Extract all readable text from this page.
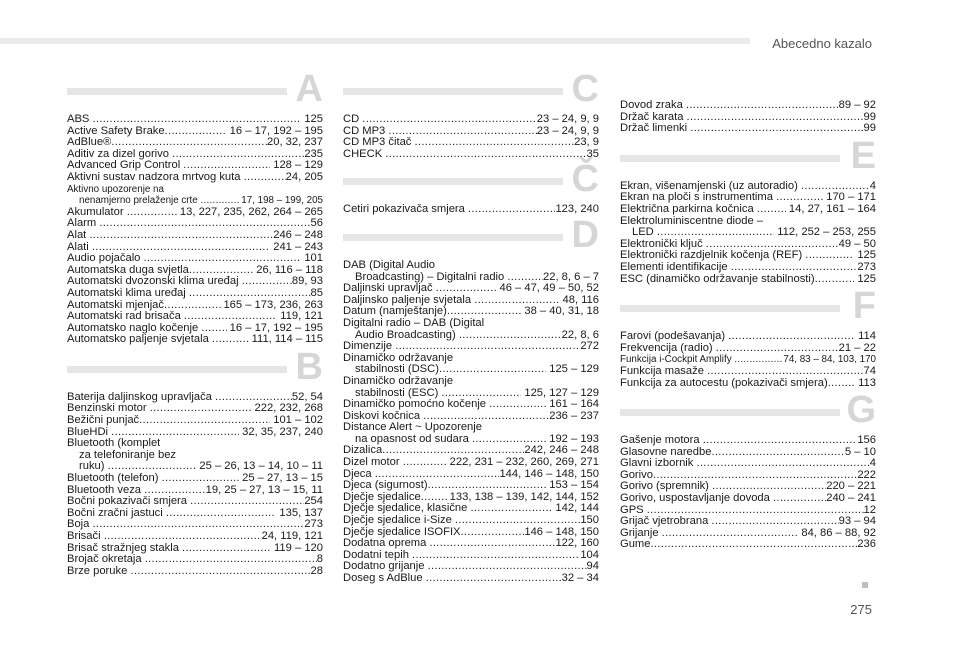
Abecedno kazalo
A
ABS .....	125
Active Safety Brake .....	16 – 17, 192 – 195
AdBlue® .....	20, 32, 237
Aditiv za dizel gorivo .....	235
Advanced Grip Control .....	128 – 129
Aktivni sustav nadzora mrtvog kuta .....	24, 205
Aktivno upozorenje na
nenamjerno prelaženje crte .....	17, 198 – 199, 205
Akumulator .....	13, 227, 235, 262, 264 – 265
Alarm .....	56
Alat .....	246 – 248
Alati .....	241 – 243
Audio pojačalo .....	101
Automatska duga svjetla .....	26, 116 – 118
Automatski dvozonski klima uređaj .....	89, 93
Automatski klima uređaj .....	85
Automatski mjenjač .....	165 – 173, 236, 263
Automatski rad brisača .....	119, 121
Automatsko naglo kočenje ..... 16 – 17, 192 – 195
Automatsko paljenje svjetala .....	111, 114 – 115
B
Baterija daljinskog upravljača .....	52, 54
Benzinski motor .....	222, 232, 268
Bežični punjač .....	101 – 102
BlueHDi .....	32, 35, 237, 240
Bluetooth (komplet
za telefoniranje bez
ruku) .....	25 – 26, 13 – 14, 10 – 11
Bluetooth (telefon) .....	25 – 27, 13 – 15
Bluetooth veza .....	19, 25 – 27, 13 – 15, 11
Bočni pokazivači smjera .....	254
Bočni zračni jastuci .....	135, 137
Boja .....	273
Brisači .....	24, 119, 121
Brisač stražnjeg stakla .....	119 – 120
Brojač okretaja .....	8
Brze poruke .....	28
C
CD .....	23 – 24, 9, 9
CD MP3 .....	23 – 24, 9, 9
CD MP3 čitač .....	23, 9
CHECK .....	35
Č
Četiri pokazivača smjera .....	123, 240
D
DAB (Digital Audio
Broadcasting) – Digitalni radio .....	22, 8, 6 – 7
Daljinski upravljač .....	46 – 47, 49 – 50, 52
Daljinsko paljenje svjetala .....	48, 116
Datum (namještanje) .....	38 – 40, 31, 18
Digitalni radio – DAB (Digital
Audio Broadcasting) .....	22, 8, 6
Dimenzije .....	272
Dinamičko održavanje
stabilnosti (DSC) .....	125 – 129
Dinamičko održavanje
stabilnosti (ESC) .....	125, 127 – 129
Dinamičko pomoćno kočenje .....	161 – 164
Diskovi kočnica .....	236 – 237
Distance Alert ~ Upozorenje
na opasnost od sudara .....	192 – 193
Dizalica .....	242, 246 – 248
Dizel motor .....	222, 231 – 232, 260, 269, 271
Djeca .....	144, 146 – 148, 150
Djeca (sigurnost) .....	153 – 154
Dječje sjedalice ..... 133, 138 – 139, 142, 144, 152
Dječje sjedalice, klasične .....	142, 144
Dječje sjedalice i-Size .....	150
Dječje sjedalice ISOFIX .....	146 – 148, 150
Dodatna oprema .....	122, 160
Dodatni tepih .....	104
Dodatno grijanje .....	94
Doseg s AdBlue .....	32 – 34
Dovod zraka .....	89 – 92
Držač karata .....	99
Držač limenki .....	99
E
Ekran, višenamjenski (uz autoradio) .....	4
Ekran na ploči s instrumentima .....	170 – 171
Električna parkirna kočnica .....	14, 27, 161 – 164
Elektroluminiscentne diode –
LED .....	112, 252 – 253, 255
Elektronički ključ .....	49 – 50
Elektronički razdjelnik kočenja (REF) .....	125
Elementi identifikacije .....	273
ESC (dinamičko održavanje stabilnosti) .....	125
F
Farovi (podešavanja) .....	114
Frekvencija (radio) .....	21 – 22
Funkcija i-Cockpit Amplify .....	74, 83 – 84, 103, 170
Funkcija masaže .....	74
Funkcija za autocestu (pokazivači smjera) ..... 113
G
Gašenje motora .....	156
Glasovne naredbe .....	5 – 10
Glavni izbornik .....	4
Gorivo .....	222
Gorivo (spremnik) .....	220 – 221
Gorivo, uspostavljanje dovoda .....	240 – 241
GPS .....	12
Grijač vjetrobrana .....	93 – 94
Grijanje .....	84, 86 – 88, 92
Gume .....	236
275
